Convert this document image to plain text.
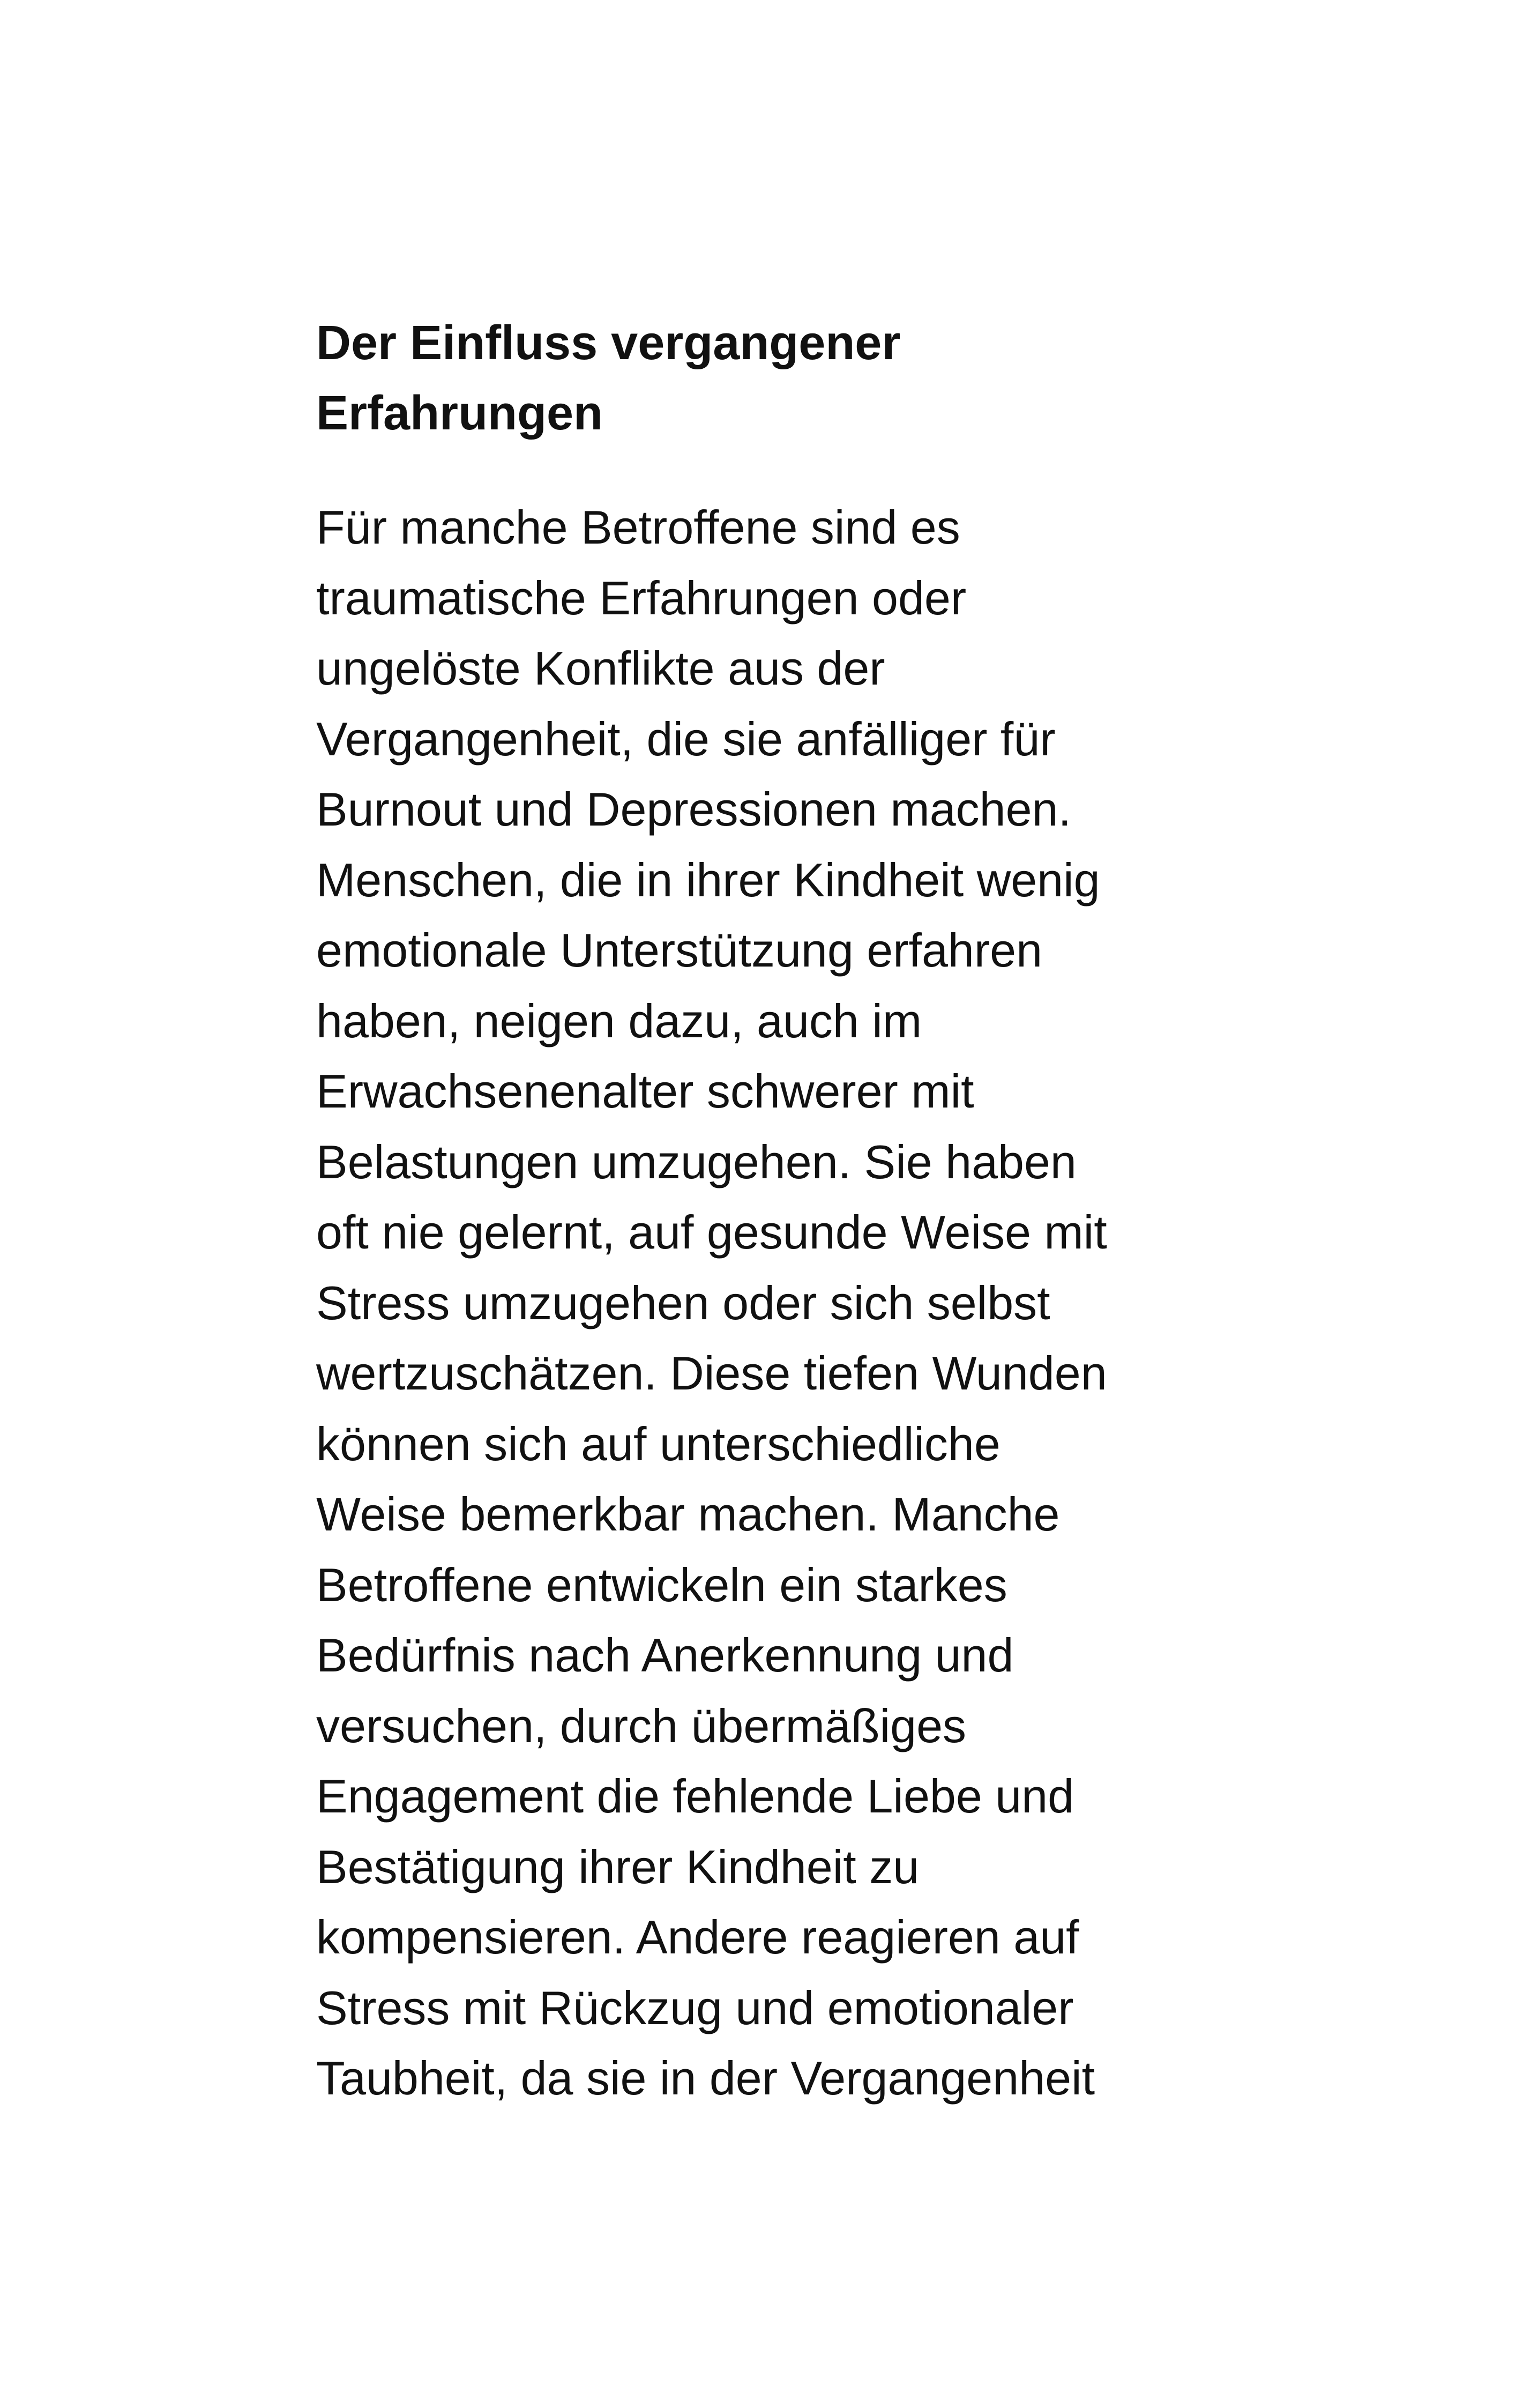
Der Einfluss vergangener
Erfahrungen

Für manche Betroffene sind es
traumatische Erfahrungen oder
ungelöste Konflikte aus der
Vergangenheit, die sie anfälliger für
Burnout und Depressionen machen.
Menschen, die in ihrer Kindheit wenig
emotionale Unterstützung erfahren
haben, neigen dazu, auch im
Erwachsenenalter schwerer mit
Belastungen umzugehen. Sie haben
oft nie gelernt, auf gesunde Weise mit
Stress umzugehen oder sich selbst
wertzuschätzen. Diese tiefen Wunden
können sich auf unterschiedliche
Weise bemerkbar machen. Manche
Betroffene entwickeln ein starkes
Bedürfnis nach Anerkennung und
versuchen, durch übermäßiges
Engagement die fehlende Liebe und
Bestätigung ihrer Kindheit zu
kompensieren. Andere reagieren auf
Stress mit Rückzug und emotionaler
Taubheit, da sie in der Vergangenheit
